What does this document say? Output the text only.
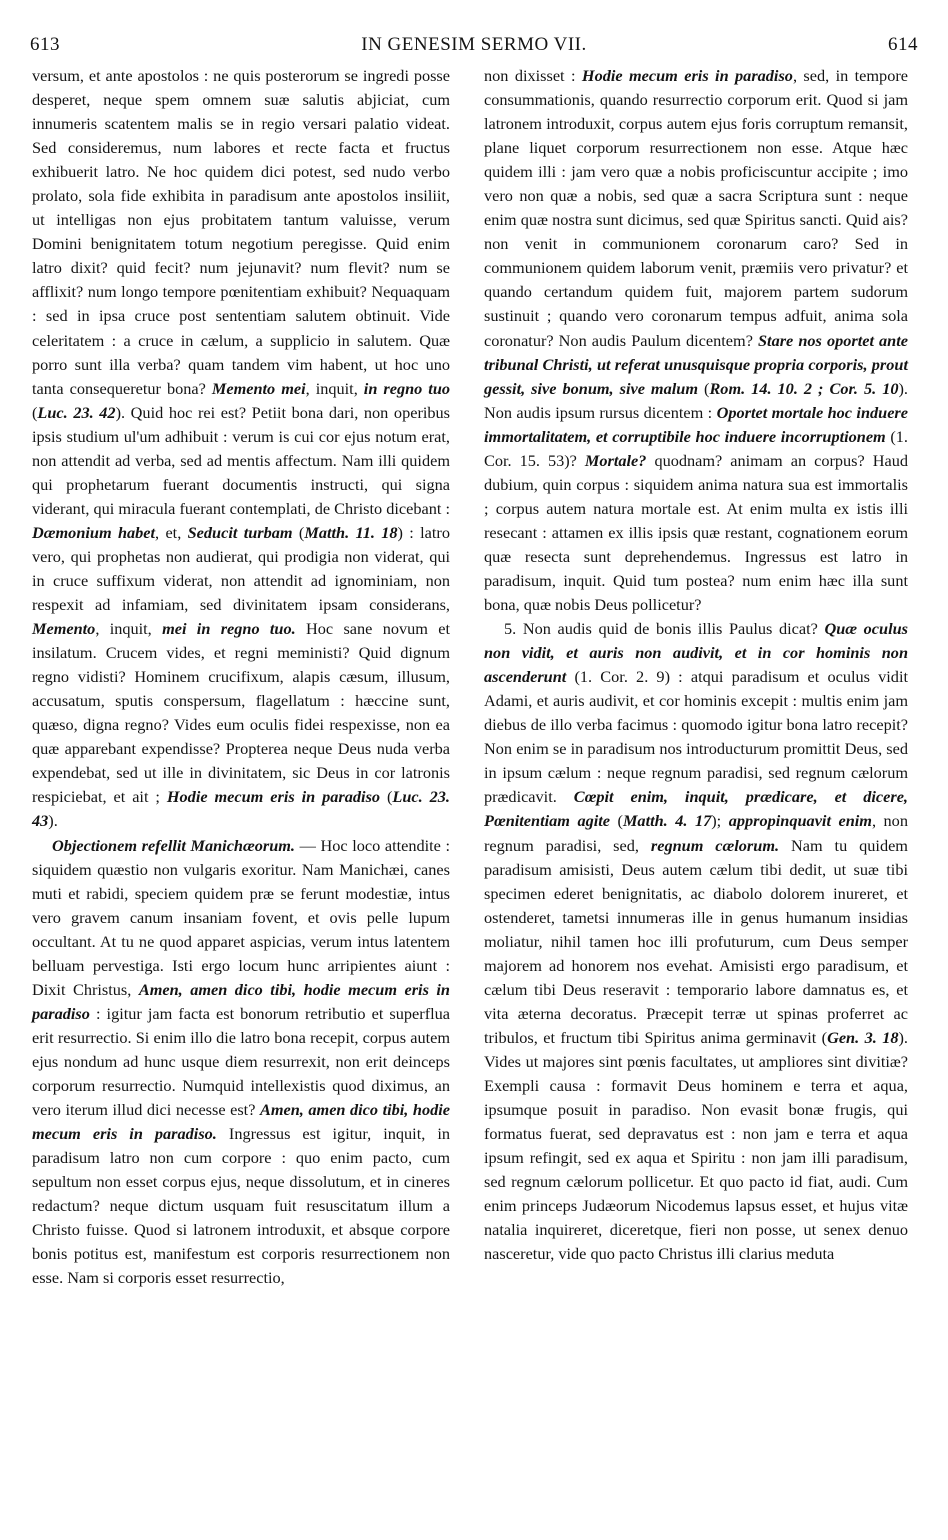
613	IN GENESIM SERMO VII.	614

versum, et ante apostolos : ne quis posterorum se ingredi posse desperet, neque spem omnem suæ salutis abjiciat, cum innumeris scatentem malis se in regio versari palatio videat. Sed consideremus, num labores et recte facta et fructus exhibuerit latro. Ne hoc quidem dici potest, sed nudo verbo prolato, sola fide exhibita in paradisum ante apostolos insiliit, ut intelligas non ejus probitatem tantum valuisse, verum Domini benignitatem totum negotium peregisse. Quid enim latro dixit? quid fecit? num jejunavit? num flevit? num se afflixit? num longo tempore pœnitentiam exhibuit? Nequaquam : sed in ipsa cruce post sententiam salutem obtinuit. Vide celeritatem : a cruce in cælum, a supplicio in salutem. Quæ porro sunt illa verba? quam tandem vim habent, ut hoc uno tanta consequeretur bona? Memento mei, inquit, in regno tuo (Luc. 23. 42). Quid hoc rei est? Petiit bona dari, non operibus ipsis studium ul'um adhibuit : verum is cui cor ejus notum erat, non attendit ad verba, sed ad mentis affectum. Nam illi quidem qui prophetarum fuerant documentis instructi, qui signa viderant, qui miracula fuerant contemplati, de Christo dicebant : Dæmonium habet, et, Seducit turbam (Matth. 11. 18) : latro vero, qui prophetas non audierat, qui prodigia non viderat, qui in cruce suffixum viderat, non attendit ad ignominiam, non respexit ad infamiam, sed divinitatem ipsam considerans, Memento, inquit, mei in regno tuo. Hoc sane novum et insilatum. Crucem vides, et regni meministi? Quid dignum regno vidisti? Hominem crucifixum, alapis cæsum, illusum, accusatum, sputis conspersum, flagellatum : hæccine sunt, quæso, digna regno? Vides eum oculis fidei respexisse, non ea quæ apparebant expendisse? Propterea neque Deus nuda verba expendebat, sed ut ille in divinitatem, sic Deus in cor latronis respiciebat, et ait ; Hodie mecum eris in paradiso (Luc. 23. 43).

Objectionem refellit Manichæorum. — Hoc loco attendite : siquidem quæstio non vulgaris exoritur. Nam Manichæi, canes muti et rabidi, speciem quidem præ se ferunt modestiæ, intus vero gravem canum insaniam fovent, et ovis pelle lupum occultant. At tu ne quod apparet aspicias, verum intus latentem belluam pervestiga. Isti ergo locum hunc arripientes aiunt : Dixit Christus, Amen, amen dico tibi, hodie mecum eris in paradiso : igitur jam facta est bonorum retributio et superflua erit resurrectio. Si enim illo die latro bona recepit, corpus autem ejus nondum ad hunc usque diem resurrexit, non erit deinceps corporum resurrectio. Numquid intellexistis quod diximus, an vero iterum illud dici necesse est? Amen, amen dico tibi, hodie mecum eris in paradiso. Ingressus est igitur, inquit, in paradisum latro non cum corpore : quo enim pacto, cum sepultum non esset corpus ejus, neque dissolutum, et in cineres redactum? neque dictum usquam fuit resuscitatum illum a Christo fuisse. Quod si latronem introduxit, et absque corpore bonis potitus est, manifestum est corporis resurrectionem non esse. Nam si corporis esset resurrectio,

non dixisset : Hodie mecum eris in paradiso, sed, in tempore consummationis, quando resurrectio corporum erit. Quod si jam latronem introduxit, corpus autem ejus foris corruptum remansit, plane liquet corporum resurrectionem non esse. Atque hæc quidem illi : jam vero quæ a nobis proficiscuntur accipite ; imo vero non quæ a nobis, sed quæ a sacra Scriptura sunt : neque enim quæ nostra sunt dicimus, sed quæ Spiritus sancti. Quid ais? non venit in communionem coronarum caro? Sed in communionem quidem laborum venit, præmiis vero privatur? et quando certandum quidem fuit, majorem partem sudorum sustinuit ; quando vero coronarum tempus adfuit, anima sola coronatur? Non audis Paulum dicentem? Stare nos oportet ante tribunal Christi, ut referat unusquisque propria corporis, prout gessit, sive bonum, sive malum (Rom. 14. 10. 2 ; Cor. 5. 10). Non audis ipsum rursus dicentem : Oportet mortale hoc induere immortalitatem, et corruptibile hoc induere incorruptionem (1. Cor. 15. 53)? Mortale? quodnam? animam an corpus? Haud dubium, quin corpus : siquidem anima natura sua est immortalis ; corpus autem natura mortale est. At enim multa ex istis illi resecant : attamen ex illis ipsis quæ restant, cognationem eorum quæ resecta sunt deprehendemus. Ingressus est latro in paradisum, inquit. Quid tum postea? num enim hæc illa sunt bona, quæ nobis Deus pollicetur?

5. Non audis quid de bonis illis Paulus dicat? Quæ oculus non vidit, et auris non audivit, et in cor hominis non ascenderunt (1. Cor. 2. 9) : atqui paradisum et oculus vidit Adami, et auris audivit, et cor hominis excepit : multis enim jam diebus de illo verba facimus : quomodo igitur bona latro recepit? Non enim se in paradisum nos introducturum promittit Deus, sed in ipsum cælum : neque regnum paradisi, sed regnum cælorum prædicavit. Cœpit enim, inquit, prædicare, et dicere, Pœnitentiam agite (Matth. 4. 17); appropinquavit enim, non regnum paradisi, sed, regnum cælorum. Nam tu quidem paradisum amisisti, Deus autem cælum tibi dedit, ut suæ tibi specimen ederet benignitatis, ac diabolo dolorem inureret, et ostenderet, tametsi innumeras ille in genus humanum insidias moliatur, nihil tamen hoc illi profuturum, cum Deus semper majorem ad honorem nos evehat. Amisisti ergo paradisum, et cælum tibi Deus reseravit : temporario labore damnatus es, et vita æterna decoratus. Præcepit terræ ut spinas proferret ac tribulos, et fructum tibi Spiritus anima germinavit (Gen. 3. 18). Vides ut majores sint pœnis facultates, ut ampliores sint divitiæ? Exempli causa : formavit Deus hominem e terra et aqua, ipsumque posuit in paradiso. Non evasit bonæ frugis, qui formatus fuerat, sed depravatus est : non jam e terra et aqua ipsum refingit, sed ex aqua et Spiritu : non jam illi paradisum, sed regnum cælorum pollicetur. Et quo pacto id fiat, audi. Cum enim princeps Judæorum Nicodemus lapsus esset, et hujus vitæ natalia inquireret, diceretque, fieri non posse, ut senex denuo nasceretur, vide quo pacto Christus illi clarius meduta
